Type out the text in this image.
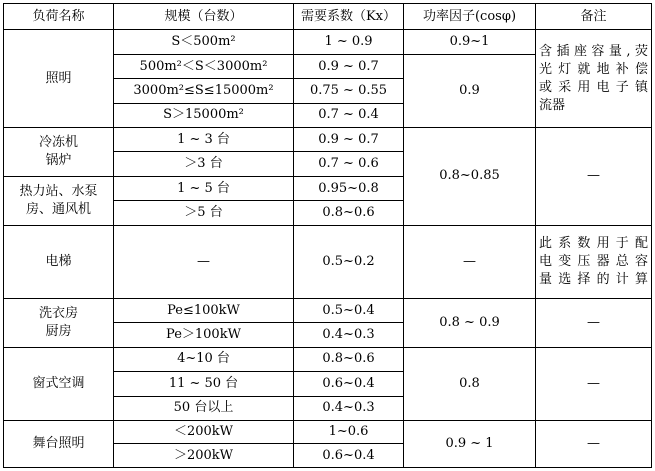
负荷名称	规模（台数）	需要系数（Kx）	功率因子(cosφ)	备注
照明	S＜500m²	1 ~ 0.9	0.9~1	含插座容量,荧
光灯就地补偿
或采用电子镇
流器

	500m²＜S＜3000m²	0.9 ~ 0.7	0.9	
	3000m²≤S≤15000m²	0.75 ~ 0.55		
	S＞15000m²	0.7 ~ 0.4		

冷冻机
锅炉	1 ~ 3 台	0.9 ~ 0.7	0.8~0.85	—
	＞3 台	0.7 ~ 0.6		

热力站、水泵
房、通风机	1 ~ 5 台	0.95~0.8		
	＞5 台	0.8~0.6		
电梯	—	0.5~0.2	—	此系数用于配
电变压器总容
量选择的计算

洗衣房
厨房	Pe≤100kW	0.5~0.4	0.8 ~ 0.9	—
	Pe＞100kW	0.4~0.3		
窗式空调	4~10 台	0.8~0.6	0.8	—
	11 ~ 50 台	0.6~0.4		
	50 台以上	0.4~0.3		
舞台照明	＜200kW	1~0.6	0.9 ~ 1	—
	＞200kW	0.6~0.4		
